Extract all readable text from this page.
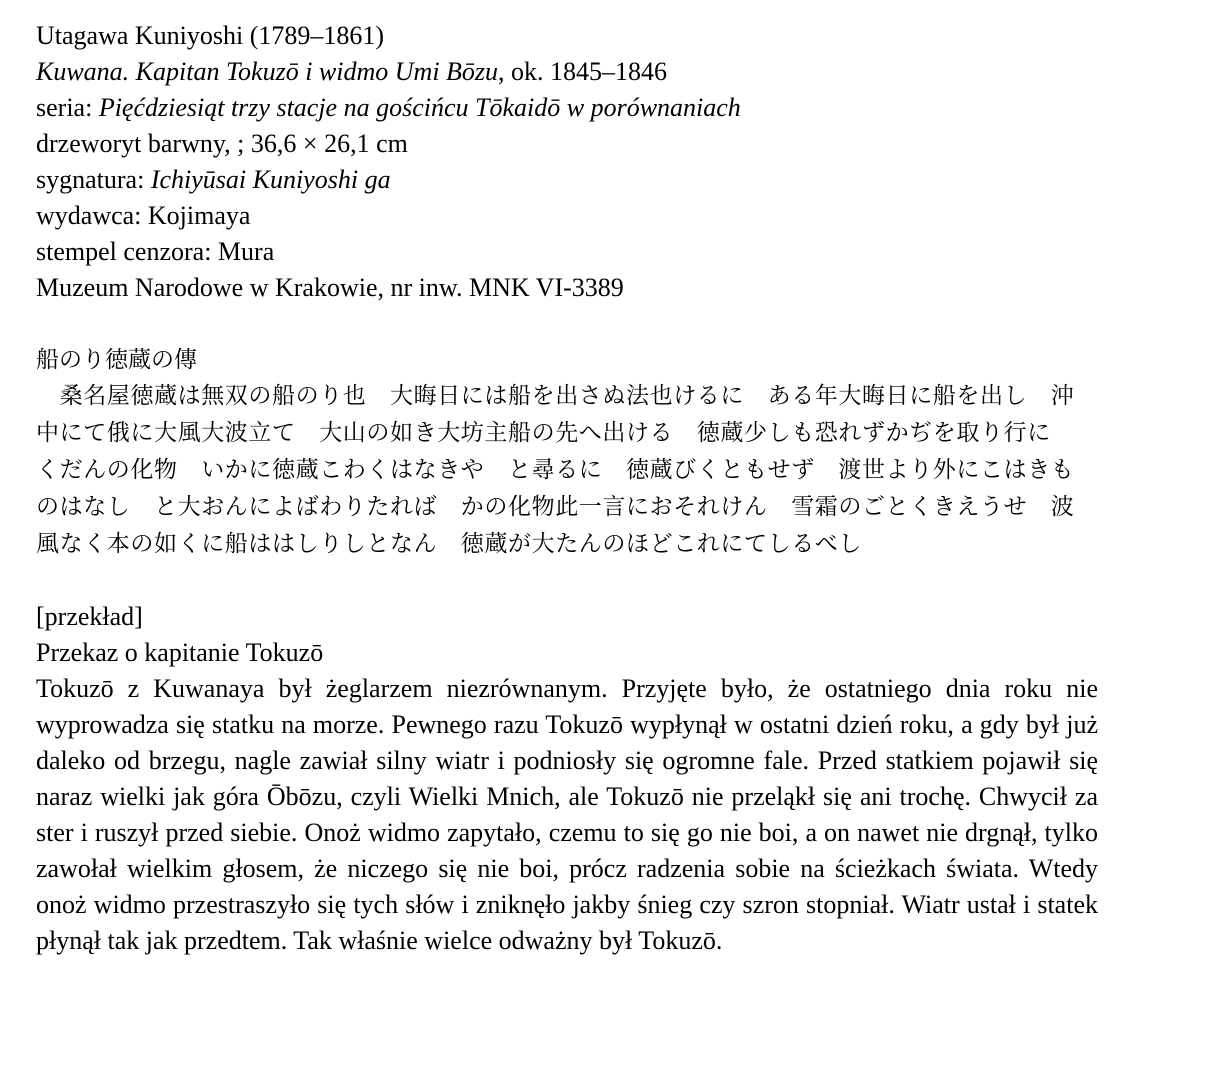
Utagawa Kuniyoshi (1789–1861)

Kuwana. Kapitan Tokuzō i widmo Umi Bōzu, ok. 1845–1846

seria: Pięćdziesiąt trzy stacje na gościńcu Tōkaidō w porównaniach

drzeworyt barwny, ; 36,6 × 26,1 cm

sygnatura: Ichiyūsai Kuniyoshi ga

wydawca: Kojimaya

stempel cenzora: Mura

Muzeum Narodowe w Krakowie, nr inw. MNK VI-3389

船のり徳蔵の傳

　桑名屋徳蔵は無双の船のり也　大晦日には船を出さぬ法也けるに　ある年大晦日に船を出し　沖中にて俄に大風大波立て　大山の如き大坊主船の先へ出ける　徳蔵少しも恐れずかぢを取り行に　くだんの化物　いかに徳蔵こわくはなきや　と尋るに　徳蔵びくともせず　渡世より外にこはきものはなし　と大おんによばわりたれば　かの化物此一言におそれけん　雪霜のごとくきえうせ　波風なく本の如くに船ははしりしとなん　徳蔵が大たんのほどこれにてしるべし

[przekład]

Przekaz o kapitanie Tokuzō

Tokuzō z Kuwanaya był żeglarzem niezrównanym. Przyjęte było, że ostatniego dnia roku nie wyprowadza się statku na morze. Pewnego razu Tokuzō wypłynął w ostatni dzień roku, a gdy był już daleko od brzegu, nagle zawiał silny wiatr i podniosły się ogromne fale. Przed statkiem pojawił się naraz wielki jak góra Ōbōzu, czyli Wielki Mnich, ale Tokuzō nie przeląkł się ani trochę. Chwycił za ster i ruszył przed siebie. Onoż widmo zapytało, czemu to się go nie boi, a on nawet nie drgnął, tylko zawołał wielkim głosem, że niczego się nie boi, prócz radzenia sobie na ścieżkach świata. Wtedy onoż widmo przestraszyło się tych słów i zniknęło jakby śnieg czy szron stopniał. Wiatr ustał i statek płynął tak jak przedtem. Tak właśnie wielce odważny był Tokuzō.
